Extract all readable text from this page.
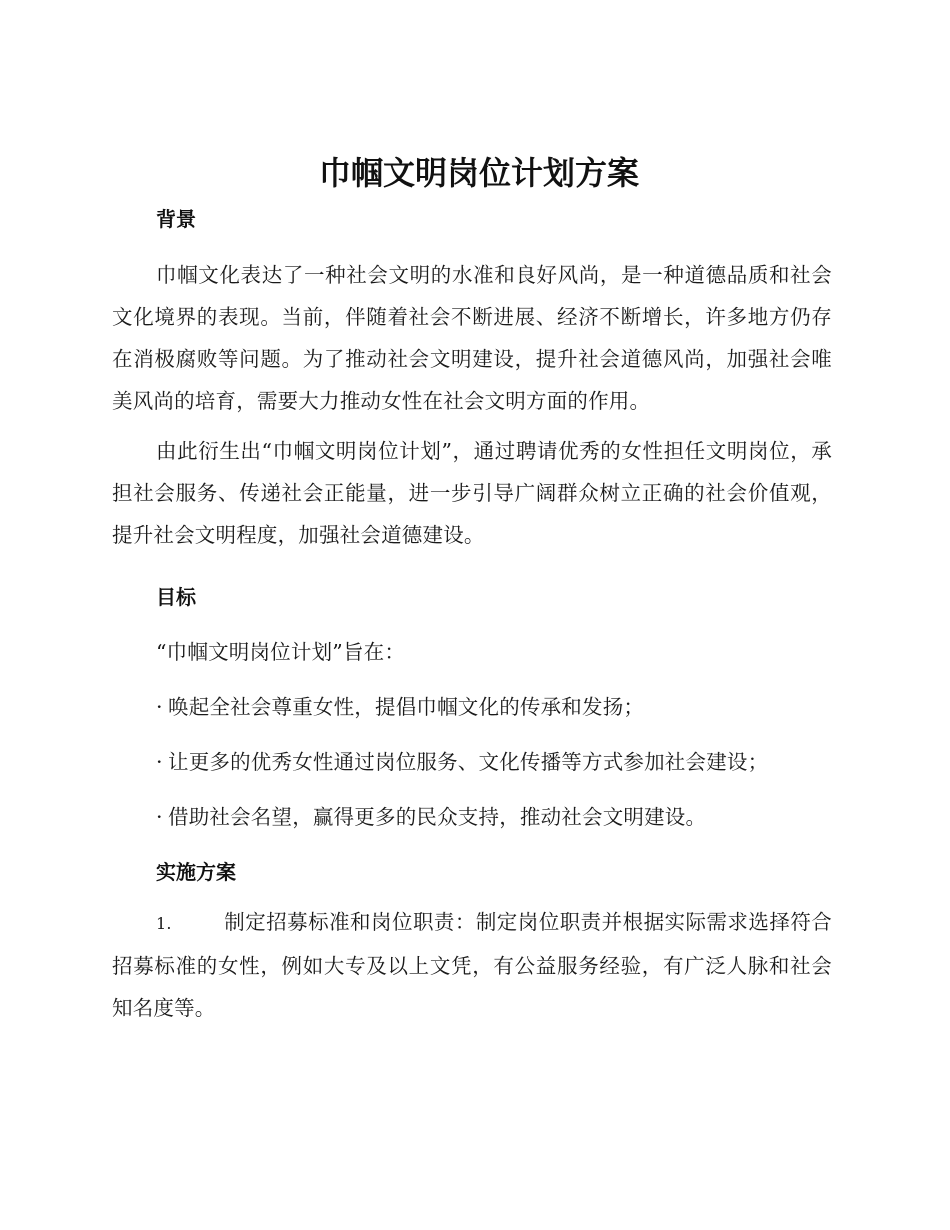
巾帼文明岗位计划方案
背景

巾帼文化表达了一种社会文明的水准和良好风尚，是一种道德品质和社会文化境界的表现。当前，伴随着社会不断进展、经济不断增长，许多地方仍存在消极腐败等问题。为了推动社会文明建设，提升社会道德风尚，加强社会唯美风尚的培育，需要大力推动女性在社会文明方面的作用。

由此衍生出“巾帼文明岗位计划”，通过聘请优秀的女性担任文明岗位，承担社会服务、传递社会正能量，进一步引导广阔群众树立正确的社会价值观，提升社会文明程度，加强社会道德建设。

目标

“巾帼文明岗位计划”旨在：

· 唤起全社会尊重女性，提倡巾帼文化的传承和发扬；

· 让更多的优秀女性通过岗位服务、文化传播等方式参加社会建设；

· 借助社会名望，赢得更多的民众支持，推动社会文明建设。

实施方案

1.	制定招募标准和岗位职责：制定岗位职责并根据实际需求选择符合招募标准的女性，例如大专及以上文凭，有公益服务经验，有广泛人脉和社会知名度等。
